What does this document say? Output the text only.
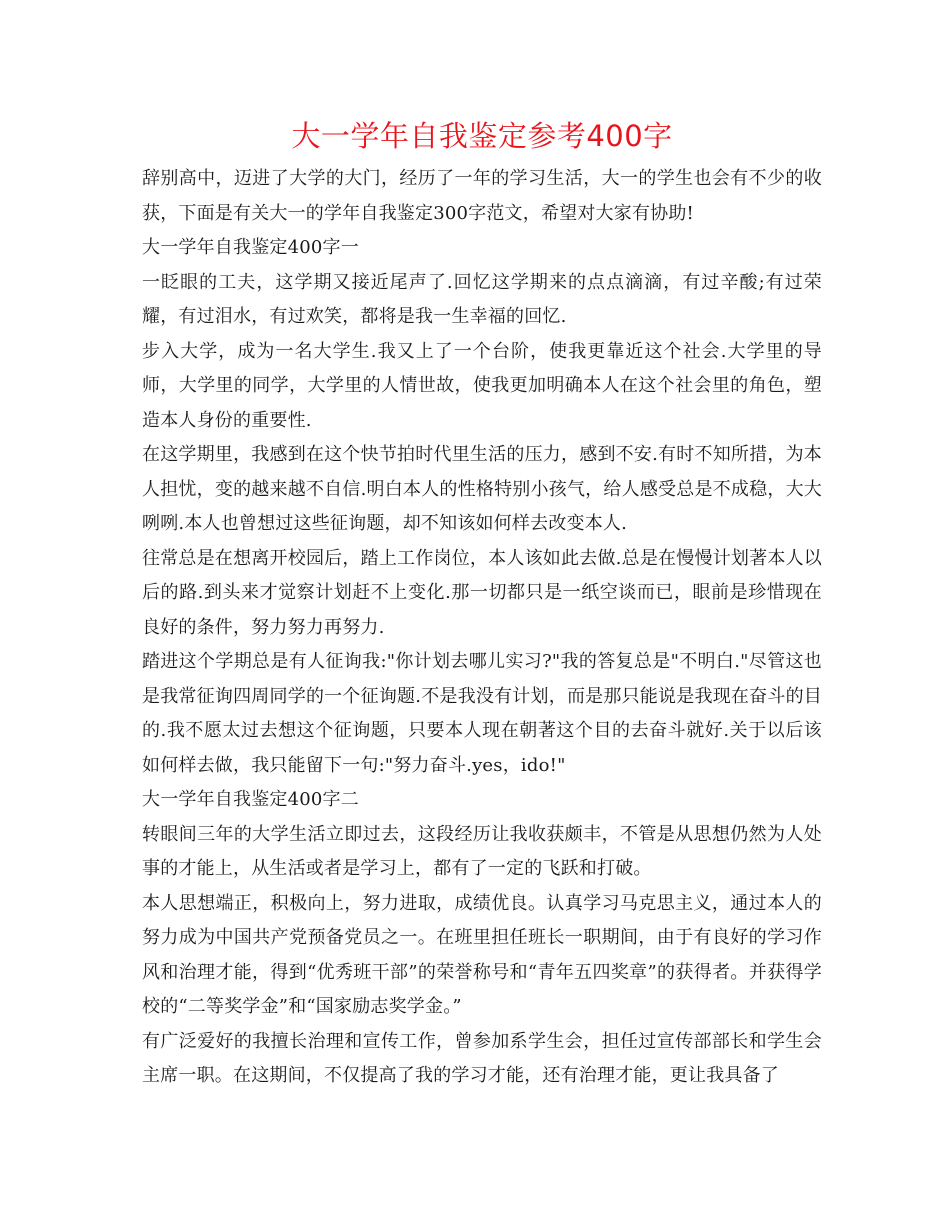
大一学年自我鉴定参考400字

辞别高中，迈进了大学的大门，经历了一年的学习生活，大一的学生也会有不少的收获，下面是有关大一的学年自我鉴定300字范文，希望对大家有协助!

大一学年自我鉴定400字一

一眨眼的工夫，这学期又接近尾声了.回忆这学期来的点点滴滴，有过辛酸;有过荣耀，有过泪水，有过欢笑，都将是我一生幸福的回忆.

步入大学，成为一名大学生.我又上了一个台阶，使我更靠近这个社会.大学里的导师，大学里的同学，大学里的人情世故，使我更加明确本人在这个社会里的角色，塑造本人身份的重要性.

在这学期里，我感到在这个快节拍时代里生活的压力，感到不安.有时不知所措，为本人担忧，变的越来越不自信.明白本人的性格特别小孩气，给人感受总是不成稳，大大咧咧.本人也曾想过这些征询题，却不知该如何样去改变本人.

往常总是在想离开校园后，踏上工作岗位，本人该如此去做.总是在慢慢计划著本人以后的路.到头来才觉察计划赶不上变化.那一切都只是一纸空谈而已，眼前是珍惜现在良好的条件，努力努力再努力.

踏进这个学期总是有人征询我:"你计划去哪儿实习?"我的答复总是"不明白."尽管这也是我常征询四周同学的一个征询题.不是我没有计划，而是那只能说是我现在奋斗的目的.我不愿太过去想这个征询题，只要本人现在朝著这个目的去奋斗就好.关于以后该如何样去做，我只能留下一句:"努力奋斗.yes，ido!"

大一学年自我鉴定400字二

转眼间三年的大学生活立即过去，这段经历让我收获颇丰，不管是从思想仍然为人处事的才能上，从生活或者是学习上，都有了一定的飞跃和打破。

本人思想端正，积极向上，努力进取，成绩优良。认真学习马克思主义，通过本人的努力成为中国共产党预备党员之一。在班里担任班长一职期间，由于有良好的学习作风和治理才能，得到“优秀班干部”的荣誉称号和“青年五四奖章”的获得者。并获得学校的“二等奖学金”和“国家励志奖学金。”

有广泛爱好的我擅长治理和宣传工作，曾参加系学生会，担任过宣传部部长和学生会主席一职。在这期间，不仅提高了我的学习才能，还有治理才能，更让我具备了
